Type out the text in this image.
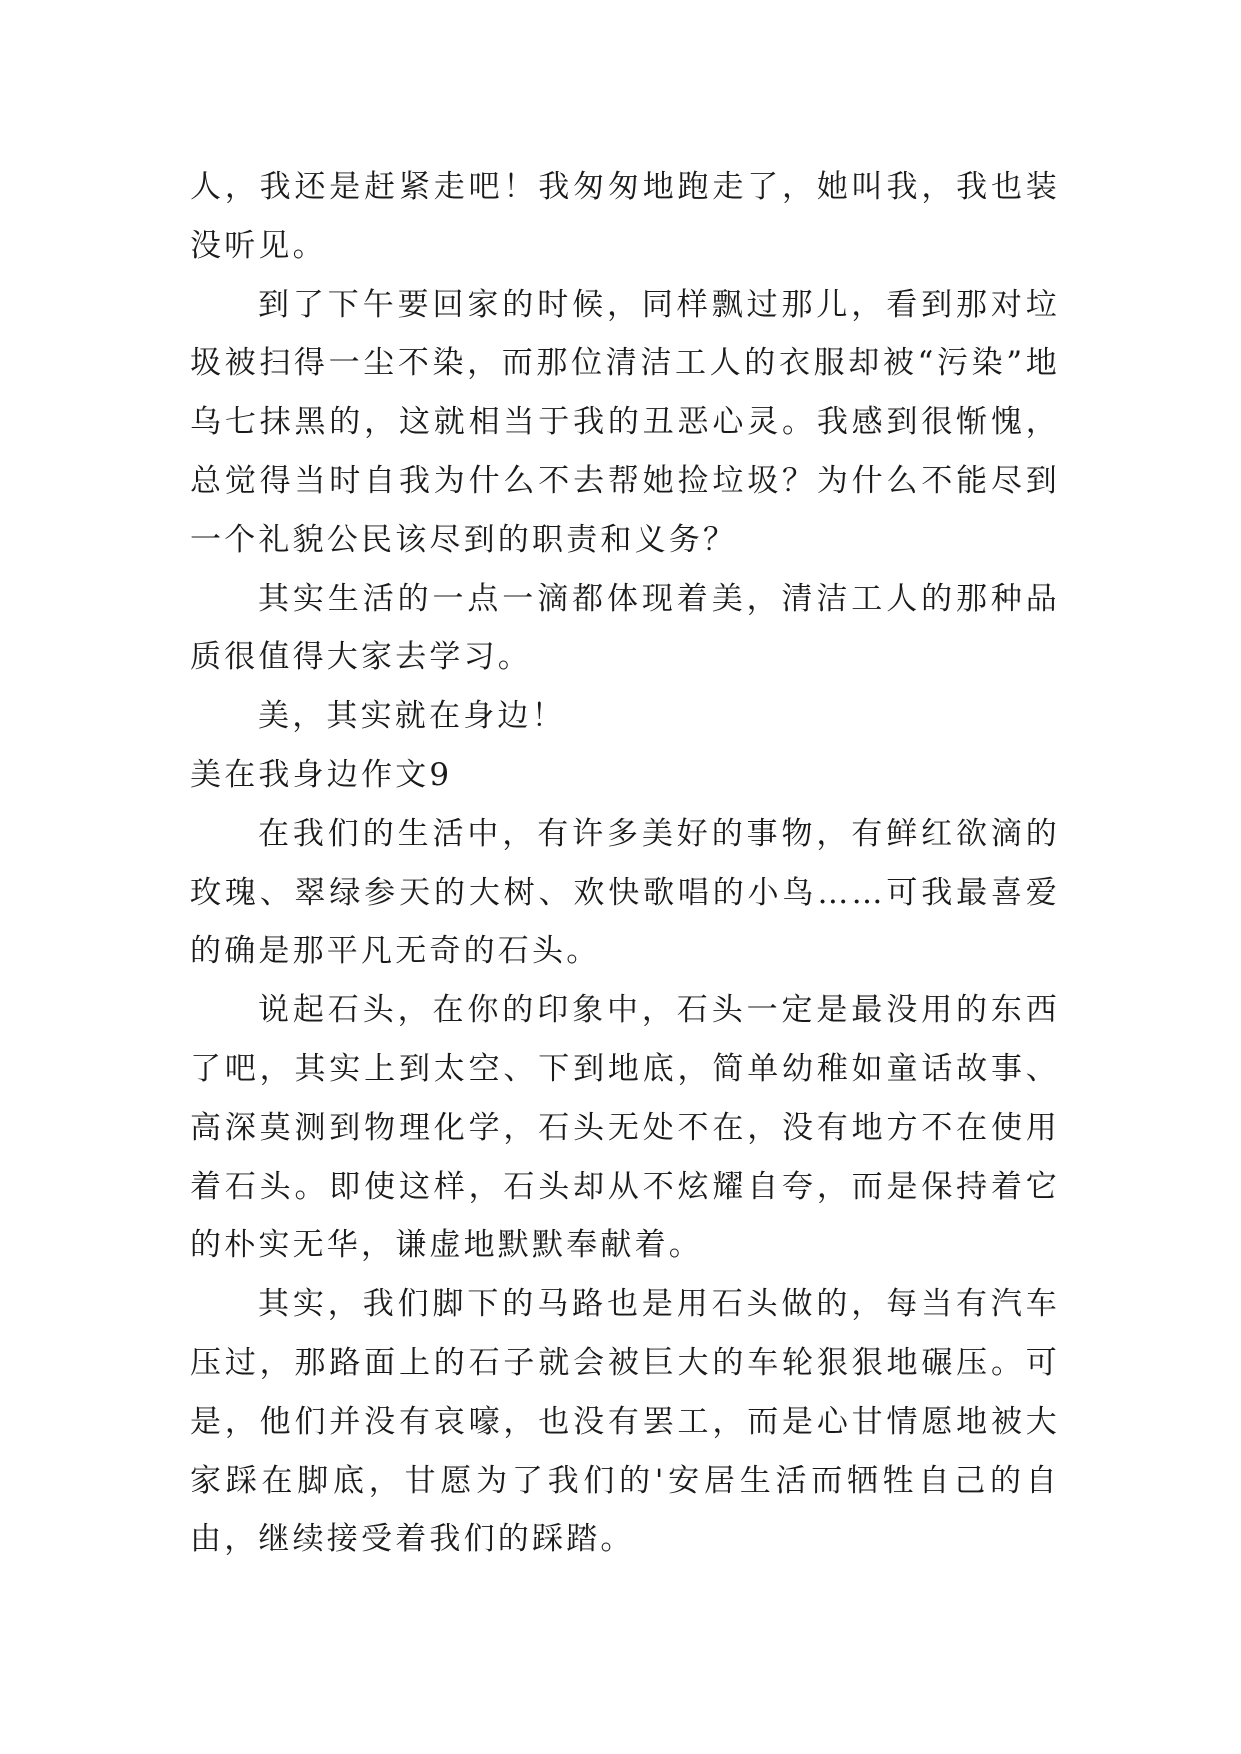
人，我还是赶紧走吧！我匆匆地跑走了，她叫我，我也装没听见。

到了下午要回家的时候，同样飘过那儿，看到那对垃圾被扫得一尘不染，而那位清洁工人的衣服却被“污染”地乌七抹黑的，这就相当于我的丑恶心灵。我感到很惭愧，总觉得当时自我为什么不去帮她捡垃圾？为什么不能尽到一个礼貌公民该尽到的职责和义务？

其实生活的一点一滴都体现着美，清洁工人的那种品质很值得大家去学习。

美，其实就在身边！

美在我身边作文9

在我们的生活中，有许多美好的事物，有鲜红欲滴的玫瑰、翠绿参天的大树、欢快歌唱的小鸟……可我最喜爱的确是那平凡无奇的石头。

说起石头，在你的印象中，石头一定是最没用的东西了吧，其实上到太空、下到地底，简单幼稚如童话故事、高深莫测到物理化学，石头无处不在，没有地方不在使用着石头。即使这样，石头却从不炫耀自夸，而是保持着它的朴实无华，谦虚地默默奉献着。

其实，我们脚下的马路也是用石头做的，每当有汽车压过，那路面上的石子就会被巨大的车轮狠狠地碾压。可是，他们并没有哀嚎，也没有罢工，而是心甘情愿地被大家踩在脚底，甘愿为了我们的'安居生活而牺牲自己的自由，继续接受着我们的踩踏。
